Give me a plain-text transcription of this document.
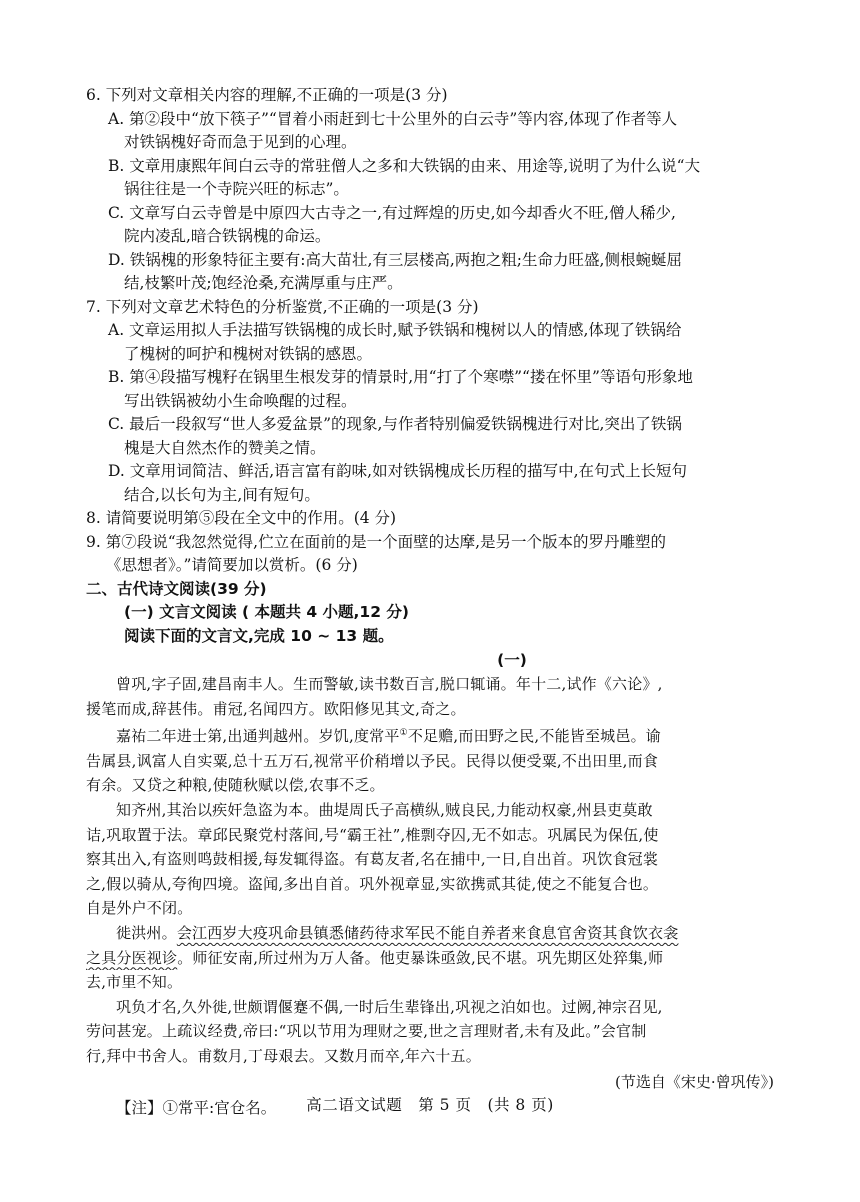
6. 下列对文章相关内容的理解,不正确的一项是(3 分)
A. 第②段中“放下筷子”“冒着小雨赶到七十公里外的白云寺”等内容,体现了作者等人
对铁锅槐好奇而急于见到的心理。
B. 文章用康熙年间白云寺的常驻僧人之多和大铁锅的由来、用途等,说明了为什么说“大
锅往往是一个寺院兴旺的标志”。
C. 文章写白云寺曾是中原四大古寺之一,有过辉煌的历史,如今却香火不旺,僧人稀少,
院内凌乱,暗合铁锅槐的命运。
D. 铁锅槐的形象特征主要有:高大苗壮,有三层楼高,两抱之粗;生命力旺盛,侧根蜿蜒屈
结,枝繁叶茂;饱经沧桑,充满厚重与庄严。
7. 下列对文章艺术特色的分析鉴赏,不正确的一项是(3 分)
A. 文章运用拟人手法描写铁锅槐的成长时,赋予铁锅和槐树以人的情感,体现了铁锅给
了槐树的呵护和槐树对铁锅的感恩。
B. 第④段描写槐籽在锅里生根发芽的情景时,用“打了个寒噤”“搂在怀里”等语句形象地
写出铁锅被幼小生命唤醒的过程。
C. 最后一段叙写“世人多爱盆景”的现象,与作者特别偏爱铁锅槐进行对比,突出了铁锅
槐是大自然杰作的赞美之情。
D. 文章用词简洁、鲜活,语言富有韵味,如对铁锅槐成长历程的描写中,在句式上长短句
结合,以长句为主,间有短句。
8. 请简要说明第⑤段在全文中的作用。(4 分)
9. 第⑦段说“我忽然觉得,伫立在面前的是一个面壁的达摩,是另一个版本的罗丹雕塑的
《思想者》。”请简要加以赏析。(6 分)
二、古代诗文阅读(39 分)
(一) 文言文阅读 ( 本题共 4 小题,12 分)
阅读下面的文言文,完成 10 ~ 13 题。
(一)
曾巩,字子固,建昌南丰人。生而警敏,读书数百言,脱口辄诵。年十二,试作《六论》,
援笔而成,辞甚伟。甫冠,名闻四方。欧阳修见其文,奇之。
嘉祐二年进士第,出通判越州。岁饥,度常平①不足赡,而田野之民,不能皆至城邑。谕
告属县,讽富人自实粟,总十五万石,视常平价稍增以予民。民得以便受粟,不出田里,而食
有余。又贷之种粮,使随秋赋以偿,农事不乏。
知齐州,其治以疾奸急盗为本。曲堤周氏子高横纵,贼良民,力能动权豪,州县吏莫敢
诘,巩取置于法。章邱民聚党村落间,号“霸王社”,椎剽夺囚,无不如志。巩属民为保伍,使
察其出入,有盗则鸣鼓相援,每发辄得盗。有葛友者,名在捕中,一日,自出首。巩饮食冠裳
之,假以骑从,夸徇四境。盗闻,多出自首。巩外视章显,实欲携贰其徒,使之不能复合也。
自是外户不闭。
徙洪州。会江西岁大疫巩命县镇悉储药待求军民不能自养者来食息官舍资其食饮衣衾
之具分医视诊。师征安南,所过州为万人备。他吏暴诛亟敛,民不堪。巩先期区处猝集,师
去,市里不知。
巩负才名,久外徙,世颇谓偃蹇不偶,一时后生辈锋出,巩视之泊如也。过阙,神宗召见,
劳问甚宠。上疏议经费,帝曰:“巩以节用为理财之要,世之言理财者,未有及此。”会官制
行,拜中书舍人。甫数月,丁母艰去。又数月而卒,年六十五。
(节选自《宋史·曾巩传》)
【注】①常平:官仓名。	高二语文试题　第 5 页　(共 8 页)
